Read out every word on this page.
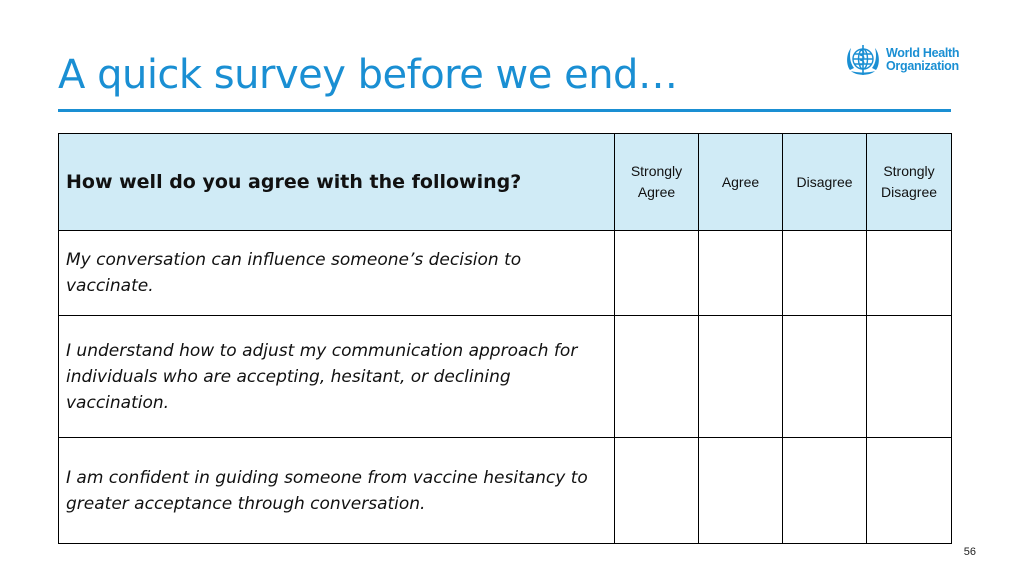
A quick survey before we end…	World Health
Organization
How well do you agree with the following?	Strongly Agree	Agree	Disagree	Strongly Disagree
My conversation can influence someone’s decision to vaccinate.				
I understand how to adjust my communication approach for individuals who are accepting, hesitant, or declining vaccination.				
I am confident in guiding someone from vaccine hesitancy to greater acceptance through conversation.				
56
